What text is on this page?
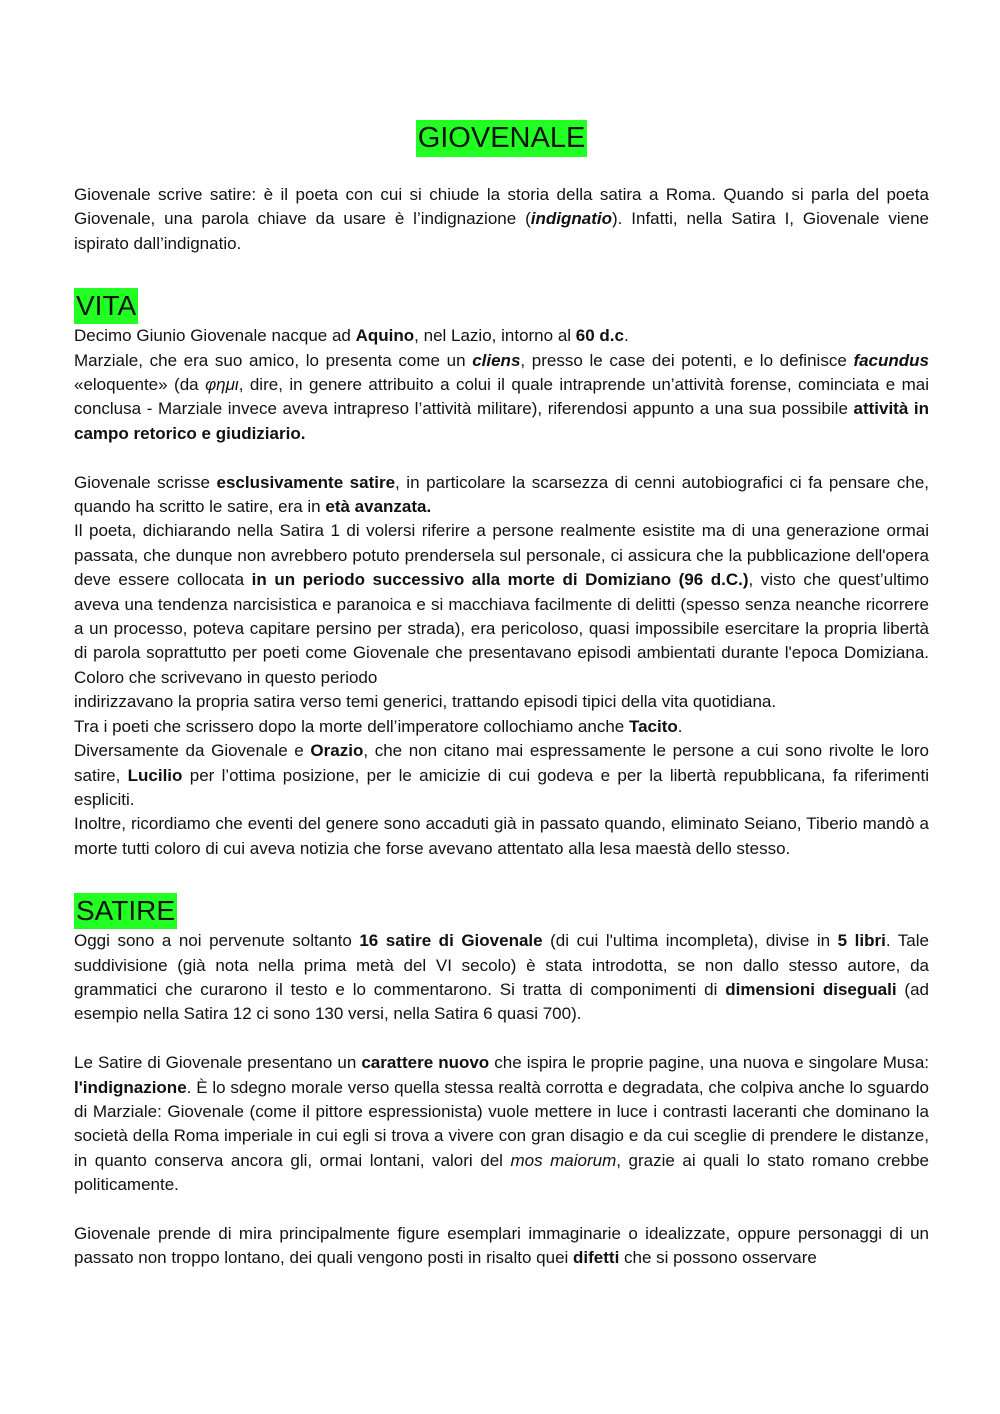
GIOVENALE

Giovenale scrive satire: è il poeta con cui si chiude la storia della satira a Roma. Quando si parla del poeta Giovenale, una parola chiave da usare è l’indignazione (indignatio). Infatti, nella Satira I, Giovenale viene ispirato dall’indignatio.

VITA

Decimo Giunio Giovenale nacque ad Aquino, nel Lazio, intorno al 60 d.c.

Marziale, che era suo amico, lo presenta come un cliens, presso le case dei potenti, e lo definisce facundus «eloquente» (da φημι, dire, in genere attribuito a colui il quale intraprende un’attività forense, cominciata e mai conclusa - Marziale invece aveva intrapreso l’attività militare), riferendosi appunto a una sua possibile attività in campo retorico e giudiziario.

Giovenale scrisse esclusivamente satire, in particolare la scarsezza di cenni autobiografici ci fa pensare che, quando ha scritto le satire, era in età avanzata.

Il poeta, dichiarando nella Satira 1 di volersi riferire a persone realmente esistite ma di una generazione ormai passata, che dunque non avrebbero potuto prendersela sul personale, ci assicura che la pubblicazione dell'opera deve essere collocata in un periodo successivo alla morte di Domiziano (96 d.C.), visto che quest’ultimo aveva una tendenza narcisistica e paranoica e si macchiava facilmente di delitti (spesso senza neanche ricorrere a un processo, poteva capitare persino per strada), era pericoloso, quasi impossibile esercitare la propria libertà di parola soprattutto per poeti come Giovenale che presentavano episodi ambientati durante l'epoca Domiziana. Coloro che scrivevano in questo periodo

indirizzavano la propria satira verso temi generici, trattando episodi tipici della vita quotidiana.

Tra i poeti che scrissero dopo la morte dell’imperatore collochiamo anche Tacito.

Diversamente da Giovenale e Orazio, che non citano mai espressamente le persone a cui sono rivolte le loro satire, Lucilio per l’ottima posizione, per le amicizie di cui godeva e per la libertà repubblicana, fa riferimenti espliciti.

Inoltre, ricordiamo che eventi del genere sono accaduti già in passato quando, eliminato Seiano, Tiberio mandò a morte tutti coloro di cui aveva notizia che forse avevano attentato alla lesa maestà dello stesso.

SATIRE

Oggi sono a noi pervenute soltanto 16 satire di Giovenale (di cui l'ultima incompleta), divise in 5 libri. Tale suddivisione (già nota nella prima metà del VI secolo) è stata introdotta, se non dallo stesso autore, da grammatici che curarono il testo e lo commentarono. Si tratta di componimenti di dimensioni diseguali (ad esempio nella Satira 12 ci sono 130 versi, nella Satira 6 quasi 700).

Le Satire di Giovenale presentano un carattere nuovo che ispira le proprie pagine, una nuova e singolare Musa: l'indignazione. È lo sdegno morale verso quella stessa realtà corrotta e degradata, che colpiva anche lo sguardo di Marziale: Giovenale (come il pittore espressionista) vuole mettere in luce i contrasti laceranti che dominano la società della Roma imperiale in cui egli si trova a vivere con gran disagio e da cui sceglie di prendere le distanze, in quanto conserva ancora gli, ormai lontani, valori del mos maiorum, grazie ai quali lo stato romano crebbe politicamente.

Giovenale prende di mira principalmente figure esemplari immaginarie o idealizzate, oppure personaggi di un passato non troppo lontano, dei quali vengono posti in risalto quei difetti che si possono osservare
